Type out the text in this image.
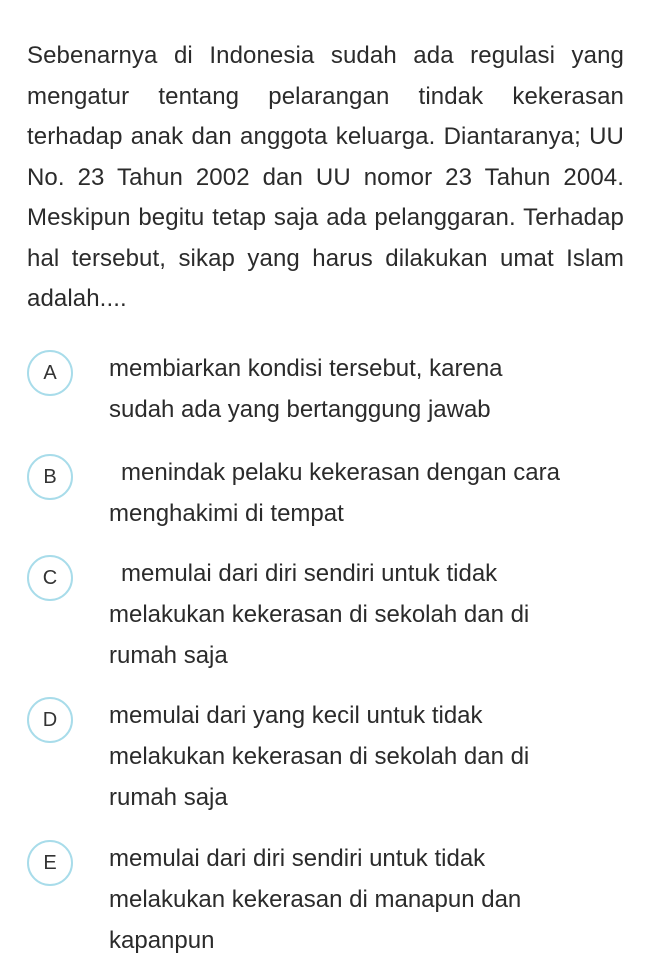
Sebenarnya di Indonesia sudah ada regulasi yang mengatur tentang pelarangan tindak kekerasan terhadap anak dan anggota keluarga. Diantaranya; UU No. 23 Tahun 2002 dan UU nomor 23 Tahun 2004. Meskipun begitu tetap saja ada pelanggaran. Terhadap hal tersebut, sikap yang harus dilakukan umat Islam adalah....
A	membiarkan kondisi tersebut, karena
sudah ada yang bertanggung jawab
B	menindak pelaku kekerasan dengan cara
menghakimi di tempat
C	memulai dari diri sendiri untuk tidak
melakukan kekerasan di sekolah dan di
rumah saja
D	memulai dari yang kecil untuk tidak
melakukan kekerasan di sekolah dan di
rumah saja
E	memulai dari diri sendiri untuk tidak
melakukan kekerasan di manapun dan
kapanpun
